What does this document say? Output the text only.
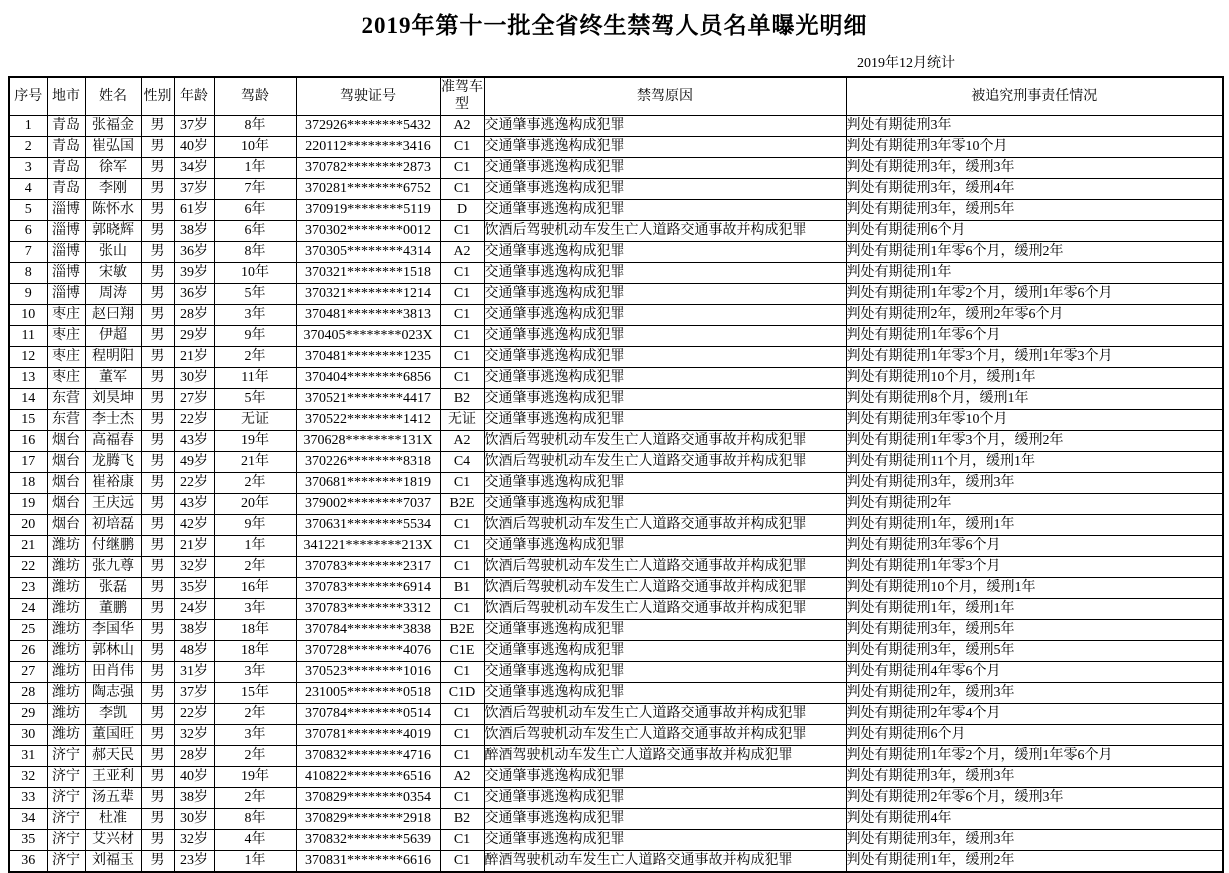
2019年第十一批全省终生禁驾人员名单曝光明细
2019年12月统计
序号	地市	姓名	性别	年龄	驾龄	驾驶证号	准驾车型	禁驾原因	被追究刑事责任情况
1	青岛	张福金	男	37岁	8年	372926********5432	A2	交通肇事逃逸构成犯罪	判处有期徒刑3年
2	青岛	崔弘国	男	40岁	10年	220112********3416	C1	交通肇事逃逸构成犯罪	判处有期徒刑3年零10个月
3	青岛	徐军	男	34岁	1年	370782********2873	C1	交通肇事逃逸构成犯罪	判处有期徒刑3年，缓刑3年
4	青岛	李刚	男	37岁	7年	370281********6752	C1	交通肇事逃逸构成犯罪	判处有期徒刑3年，缓刑4年
5	淄博	陈怀水	男	61岁	6年	370919********5119	D	交通肇事逃逸构成犯罪	判处有期徒刑3年，缓刑5年
6	淄博	郭晓辉	男	38岁	6年	370302********0012	C1	饮酒后驾驶机动车发生亡人道路交通事故并构成犯罪	判处有期徒刑6个月
7	淄博	张山	男	36岁	8年	370305********4314	A2	交通肇事逃逸构成犯罪	判处有期徒刑1年零6个月，缓刑2年
8	淄博	宋敏	男	39岁	10年	370321********1518	C1	交通肇事逃逸构成犯罪	判处有期徒刑1年
9	淄博	周涛	男	36岁	5年	370321********1214	C1	交通肇事逃逸构成犯罪	判处有期徒刑1年零2个月，缓刑1年零6个月
10	枣庄	赵曰翔	男	28岁	3年	370481********3813	C1	交通肇事逃逸构成犯罪	判处有期徒刑2年，缓刑2年零6个月
11	枣庄	伊超	男	29岁	9年	370405********023X	C1	交通肇事逃逸构成犯罪	判处有期徒刑1年零6个月
12	枣庄	程明阳	男	21岁	2年	370481********1235	C1	交通肇事逃逸构成犯罪	判处有期徒刑1年零3个月，缓刑1年零3个月
13	枣庄	董军	男	30岁	11年	370404********6856	C1	交通肇事逃逸构成犯罪	判处有期徒刑10个月，缓刑1年
14	东营	刘昊坤	男	27岁	5年	370521********4417	B2	交通肇事逃逸构成犯罪	判处有期徒刑8个月，缓刑1年
15	东营	李士杰	男	22岁	无证	370522********1412	无证	交通肇事逃逸构成犯罪	判处有期徒刑3年零10个月
16	烟台	高福春	男	43岁	19年	370628********131X	A2	饮酒后驾驶机动车发生亡人道路交通事故并构成犯罪	判处有期徒刑1年零3个月，缓刑2年
17	烟台	龙腾飞	男	49岁	21年	370226********8318	C4	饮酒后驾驶机动车发生亡人道路交通事故并构成犯罪	判处有期徒刑11个月，缓刑1年
18	烟台	崔裕康	男	22岁	2年	370681********1819	C1	交通肇事逃逸构成犯罪	判处有期徒刑3年，缓刑3年
19	烟台	王庆远	男	43岁	20年	379002********7037	B2E	交通肇事逃逸构成犯罪	判处有期徒刑2年
20	烟台	初培磊	男	42岁	9年	370631********5534	C1	饮酒后驾驶机动车发生亡人道路交通事故并构成犯罪	判处有期徒刑1年，缓刑1年
21	潍坊	付继鹏	男	21岁	1年	341221********213X	C1	交通肇事逃逸构成犯罪	判处有期徒刑3年零6个月
22	潍坊	张九尊	男	32岁	2年	370783********2317	C1	饮酒后驾驶机动车发生亡人道路交通事故并构成犯罪	判处有期徒刑1年零3个月
23	潍坊	张磊	男	35岁	16年	370783********6914	B1	饮酒后驾驶机动车发生亡人道路交通事故并构成犯罪	判处有期徒刑10个月，缓刑1年
24	潍坊	董鹏	男	24岁	3年	370783********3312	C1	饮酒后驾驶机动车发生亡人道路交通事故并构成犯罪	判处有期徒刑1年，缓刑1年
25	潍坊	李国华	男	38岁	18年	370784********3838	B2E	交通肇事逃逸构成犯罪	判处有期徒刑3年，缓刑5年
26	潍坊	郭林山	男	48岁	18年	370728********4076	C1E	交通肇事逃逸构成犯罪	判处有期徒刑3年，缓刑5年
27	潍坊	田肖伟	男	31岁	3年	370523********1016	C1	交通肇事逃逸构成犯罪	判处有期徒刑4年零6个月
28	潍坊	陶志强	男	37岁	15年	231005********0518	C1D	交通肇事逃逸构成犯罪	判处有期徒刑2年，缓刑3年
29	潍坊	李凯	男	22岁	2年	370784********0514	C1	饮酒后驾驶机动车发生亡人道路交通事故并构成犯罪	判处有期徒刑2年零4个月
30	潍坊	董国旺	男	32岁	3年	370781********4019	C1	饮酒后驾驶机动车发生亡人道路交通事故并构成犯罪	判处有期徒刑6个月
31	济宁	郝天民	男	28岁	2年	370832********4716	C1	醉酒驾驶机动车发生亡人道路交通事故并构成犯罪	判处有期徒刑1年零2个月，缓刑1年零6个月
32	济宁	王亚利	男	40岁	19年	410822********6516	A2	交通肇事逃逸构成犯罪	判处有期徒刑3年，缓刑3年
33	济宁	汤五辈	男	38岁	2年	370829********0354	C1	交通肇事逃逸构成犯罪	判处有期徒刑2年零6个月，缓刑3年
34	济宁	杜准	男	30岁	8年	370829********2918	B2	交通肇事逃逸构成犯罪	判处有期徒刑4年
35	济宁	艾兴材	男	32岁	4年	370832********5639	C1	交通肇事逃逸构成犯罪	判处有期徒刑3年，缓刑3年
36	济宁	刘福玉	男	23岁	1年	370831********6616	C1	醉酒驾驶机动车发生亡人道路交通事故并构成犯罪	判处有期徒刑1年，缓刑2年
